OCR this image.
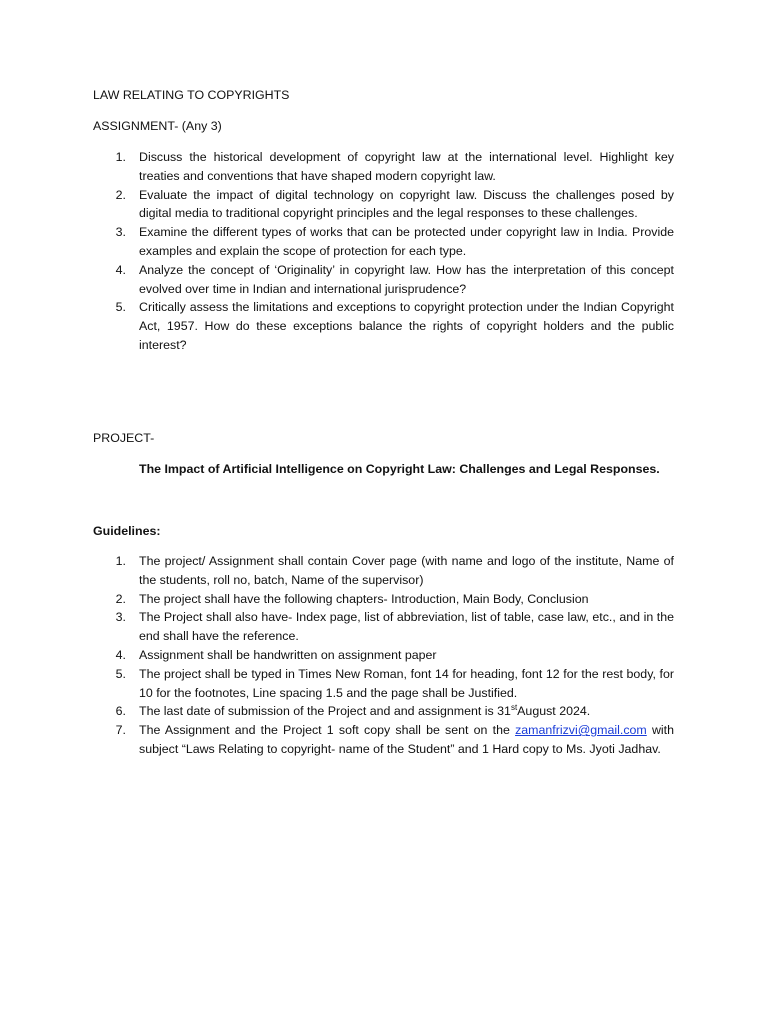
LAW RELATING TO COPYRIGHTS

ASSIGNMENT- (Any 3)

1. Discuss the historical development of copyright law at the international level. Highlight key treaties and conventions that have shaped modern copyright law.
2. Evaluate the impact of digital technology on copyright law. Discuss the challenges posed by digital media to traditional copyright principles and the legal responses to these challenges.
3. Examine the different types of works that can be protected under copyright law in India. Provide examples and explain the scope of protection for each type.
4. Analyze the concept of ‘Originality’ in copyright law. How has the interpretation of this concept evolved over time in Indian and international jurisprudence?
5. Critically assess the limitations and exceptions to copyright protection under the Indian Copyright Act, 1957. How do these exceptions balance the rights of copyright holders and the public interest?

PROJECT-

The Impact of Artificial Intelligence on Copyright Law: Challenges and Legal Responses.

Guidelines:

1. The project/ Assignment shall contain Cover page (with name and logo of the institute, Name of the students, roll no, batch, Name of the supervisor)
2. The project shall have the following chapters- Introduction, Main Body, Conclusion
3. The Project shall also have- Index page, list of abbreviation, list of table, case law, etc., and in the end shall have the reference.
4. Assignment shall be handwritten on assignment paper
5. The project shall be typed in Times New Roman, font 14 for heading, font 12 for the rest body, for 10 for the footnotes, Line spacing 1.5 and the page shall be Justified.
6. The last date of submission of the Project and and assignment is 31stAugust 2024.
7. The Assignment and the Project 1 soft copy shall be sent on the zamanfrizvi@gmail.com with subject “Laws Relating to copyright- name of the Student” and 1 Hard copy to Ms. Jyoti Jadhav.
